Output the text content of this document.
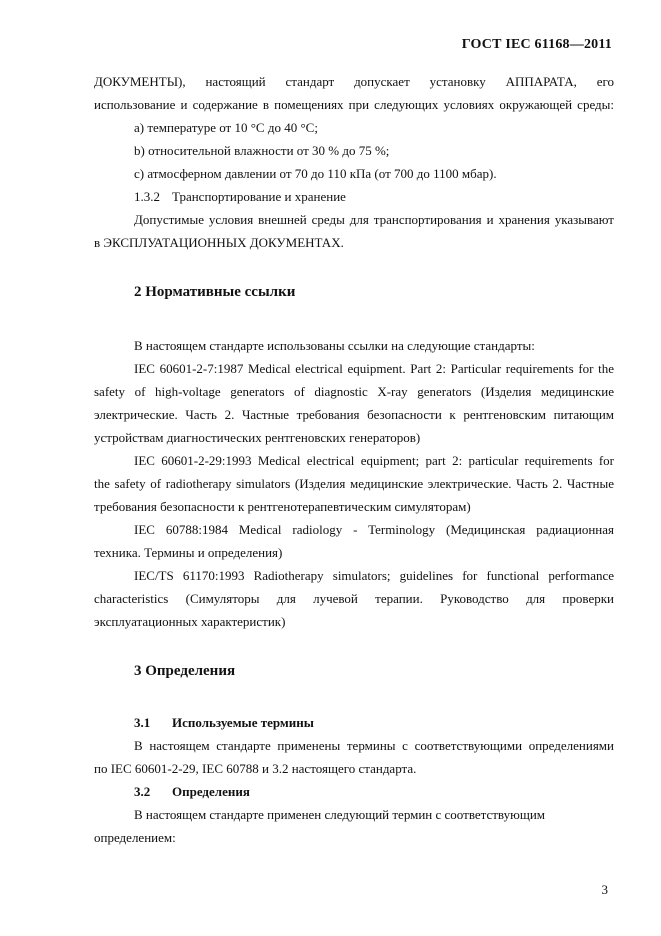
ГОСТ IEC 61168—2011

ДОКУМЕНТЫ), настоящий стандарт допускает установку АППАРАТА, его

использование и содержание в помещениях при следующих условиях окружающей среды:

a) температуре от 10 °С до 40 °С;

b) относительной влажности от 30 % до 75 %;

c) атмосферном давлении от 70 до 110 кПа (от 700 до 1100 мбар).

1.3.2 Транспортирование и хранение

Допустимые условия внешней среды для транспортирования и хранения указывают

в ЭКСПЛУАТАЦИОННЫХ ДОКУМЕНТАХ.

2 Нормативные ссылки

В настоящем стандарте использованы ссылки на следующие стандарты:

IEC 60601-2-7:1987 Medical electrical equipment. Part 2: Particular requirements for the

safety of high-voltage generators of diagnostic X-ray generators (Изделия медицинские

электрические. Часть 2. Частные требования безопасности к рентгеновским питающим

устройствам диагностических рентгеновских генераторов)

IEC 60601-2-29:1993 Medical electrical equipment; part 2: particular requirements for

the safety of radiotherapy simulators (Изделия медицинские электрические. Часть 2. Частные

требования безопасности к рентгенотерапевтическим симуляторам)

IEC 60788:1984 Medical radiology - Terminology (Медицинская радиационная

техника. Термины и определения)

IEC/TS 61170:1993 Radiotherapy simulators; guidelines for functional performance

characteristics (Симуляторы для лучевой терапии. Руководство для проверки

эксплуатационных характеристик)

3 Определения

3.1 Используемые термины

В настоящем стандарте применены термины с соответствующими определениями

по IEC 60601-2-29, IEC 60788 и 3.2 настоящего стандарта.

3.2 Определения

В настоящем стандарте применен следующий термин с соответствующим

определением:

3
